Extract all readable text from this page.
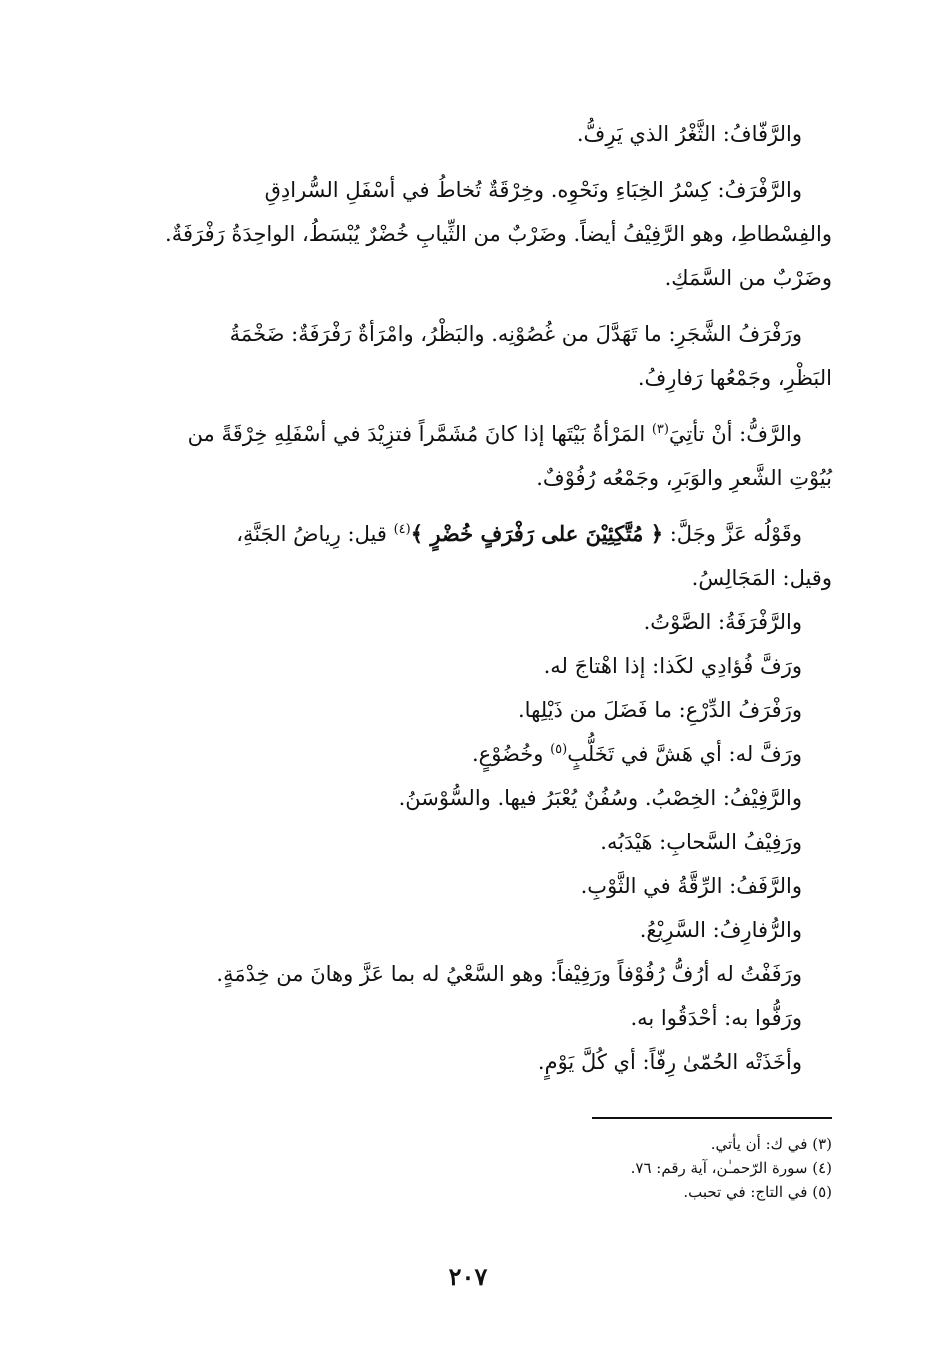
والرَّفّافُ: الثَّغْرُ الذي يَرِفُّ.

والرَّفْرَفُ: كِسْرُ الخِبَاءِ ونَحْوِه. وخِرْقَةٌ تُخاطُ في أسْفَلِ السُّرادِقِ
والفِسْطاطِ، وهو الرَّفِيْفُ أيضاً. وضَرْبٌ من الثِّيابِ خُضْرٌ يُبْسَطُ، الواحِدَةُ رَفْرَفَةٌ.
وضَرْبٌ من السَّمَكِ.

ورَفْرَفُ الشَّجَرِ: ما تَهَدَّلَ من غُصُوْنِه. والبَظْرُ، وامْرَأةٌ رَفْرَفَةٌ: ضَخْمَةُ
البَظْرِ، وجَمْعُها رَفارِفُ.

والرَّفُّ: أنْ تأتِيَ$^{(٣)}$ المَرْأةُ بَيْتَها إذا كانَ مُشَمَّراً فتزِيْدَ في أسْفَلِهِ خِرْقَةً من
بُيُوْتِ الشَّعرِ والوَبَرِ، وجَمْعُه رُفُوْفٌ.

وقَوْلُه عَزَّ وجَلَّ: ﴿ مُتَّكِئِيْنَ على رَفْرَفٍ خُضْرٍ ﴾$^{(٤)}$ قيل: رِياضُ الجَنَّةِ،
وقيل: المَجَالِسُ.
والرَّفْرَفَةُ: الصَّوْتُ.
ورَفَّ فُؤادِي لكَذا: إذا اهْتاجَ له.
ورَفْرَفُ الدِّرْعِ: ما فَضَلَ من ذَيْلِها.
ورَفَّ له: أي هَشَّ في تَخَلُّبٍ$^{(٥)}$ وخُضُوْعٍ.
والرَّفِيْفُ: الخِصْبُ. وسُفُنٌ يُعْبَرُ فيها. والسُّوْسَنُ.
ورَفِيْفُ السَّحابِ: هَيْدَبُه.
والرَّفَفُ: الرِّقَّةُ في الثَّوْبِ.
والرُّفارِفُ: السَّرِيْعُ.
ورَفَفْتُ له أرُفُّ رُفُوْفاً ورَفِيْفاً: وهو السَّعْيُ له بما عَزَّ وهانَ من خِدْمَةٍ.
ورَفُّوا به: أحْدَقُوا به.
وأخَذَتْه الحُمّىٰ رِفّاً: أي كُلَّ يَوْمٍ.

(٣) في ك: أن يأتي.
(٤) سورة الرّحمـٰن، آية رقم: ٧٦.
(٥) في التاج: في تحبب.
٢٠٧
